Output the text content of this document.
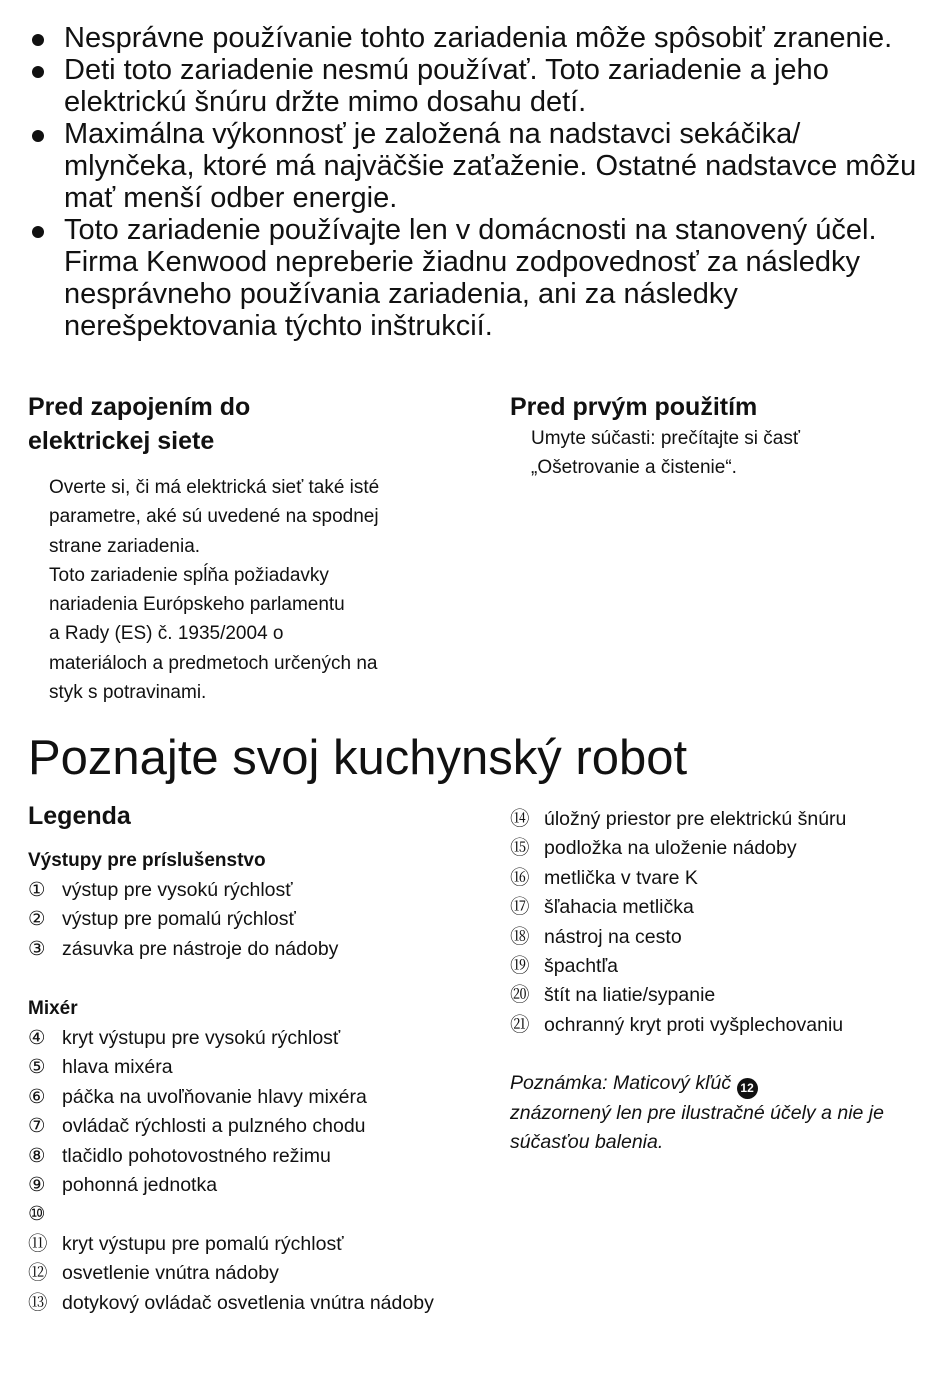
Nesprávne používanie tohto zariadenia môže spôsobiť zranenie.
Deti toto zariadenie nesmú používať. Toto zariadenie a jeho elektrickú šnúru držte mimo dosahu detí.
Maximálna výkonnosť je založená na nadstavci sekáčika/ mlynčeka, ktoré má najväčšie zaťaženie. Ostatné nadstavce môžu mať menší odber energie.
Toto zariadenie používajte len v domácnosti na stanovený účel. Firma Kenwood nepreberie žiadnu zodpovednosť za následky nesprávneho používania zariadenia, ani za následky nerešpektovania týchto inštrukcií.
Pred zapojením do
elektrickej siete
Overte si, či má elektrická sieť také isté
parametre, aké sú uvedené na spodnej
strane zariadenia.
Toto zariadenie spĺňa požiadavky
nariadenia Európskeho parlamentu
a Rady (ES) č. 1935/2004 o
materiáloch a predmetoch určených na
styk s potravinami.
Pred prvým použitím
Umyte súčasti: prečítajte si časť
„Ošetrovanie a čistenie“.
Poznajte svoj kuchynský robot
Legenda
Výstupy pre príslušenstvo
① výstup pre vysokú rýchlosť
② výstup pre pomalú rýchlosť
③ zásuvka pre nástroje do nádoby
Mixér
④ kryt výstupu pre vysokú rýchlosť
⑤ hlava mixéra
⑥ páčka na uvoľňovanie hlavy mixéra
⑦ ovládač rýchlosti a pulzného chodu
⑧ tlačidlo pohotovostného režimu
⑨ pohonná jednotka
⑩

⑪ kryt výstupu pre pomalú rýchlosť
⑫ osvetlenie vnútra nádoby
⑬ dotykový ovládač osvetlenia vnútra nádoby
⑭ úložný priestor pre elektrickú šnúru
⑮ podložka na uloženie nádoby
⑯ metlička v tvare K
⑰ šľahacia metlička
⑱ nástroj na cesto
⑲ špachtľa
⑳ štít na liatie/sypanie
㉑ ochranný kryt proti vyšplechovaniu

Poznámka: Maticový kľúč 12
znázornený len pre ilustračné účely a nie je súčasťou balenia.
